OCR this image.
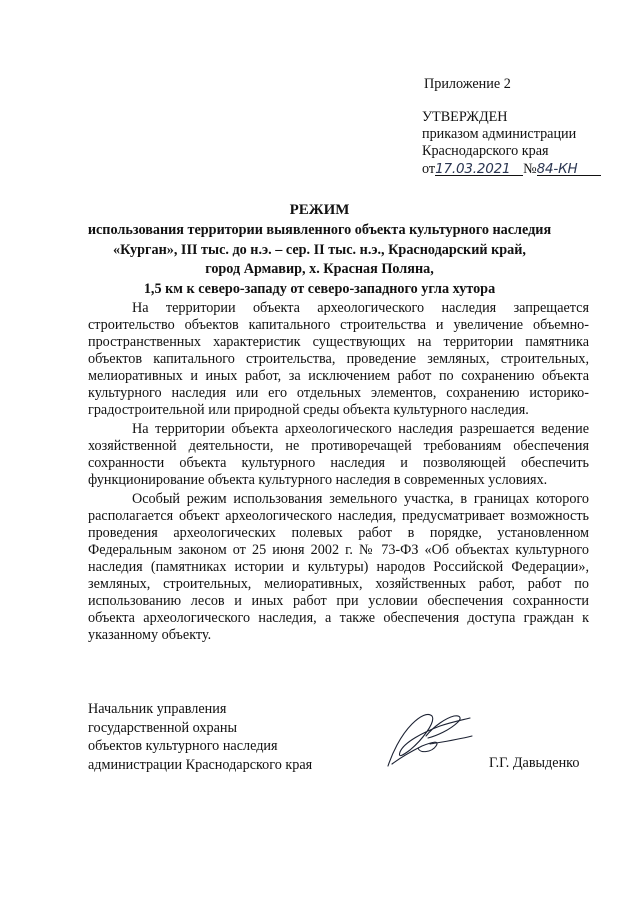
Приложение 2
УТВЕРЖДЕН
приказом администрации
Краснодарского края
от17.03.2021 №84-КН
РЕЖИМ
использования территории выявленного объекта культурного наследия
«Курган», III тыс. до н.э. – сер. II тыс. н.э., Краснодарский край,
город Армавир, х. Красная Поляна,
1,5 км к северо-западу от северо-западного угла хутора

На территории объекта археологического наследия запрещается строительство объектов капитального строительства и увеличение объемно-пространственных характеристик существующих на территории памятника объектов капитального строительства, проведение земляных, строительных, мелиоративных и иных работ, за исключением работ по сохранению объекта культурного наследия или его отдельных элементов, сохранению историко-градостроительной или природной среды объекта культурного наследия.

На территории объекта археологического наследия разрешается ведение хозяйственной деятельности, не противоречащей требованиям обеспечения сохранности объекта культурного наследия и позволяющей обеспечить функционирование объекта культурного наследия в современных условиях.

Особый режим использования земельного участка, в границах которого располагается объект археологического наследия, предусматривает возможность проведения археологических полевых работ в порядке, установленном Федеральным законом от 25 июня 2002 г. № 73-ФЗ «Об объектах культурного наследия (памятниках истории и культуры) народов Российской Федерации», земляных, строительных, мелиоративных, хозяйственных работ, работ по использованию лесов и иных работ при условии обеспечения сохранности объекта археологического наследия, а также обеспечения доступа граждан к указанному объекту.

Начальник управления
государственной охраны
объектов культурного наследия
администрации Краснодарского края	Г.Г. Давыденко
